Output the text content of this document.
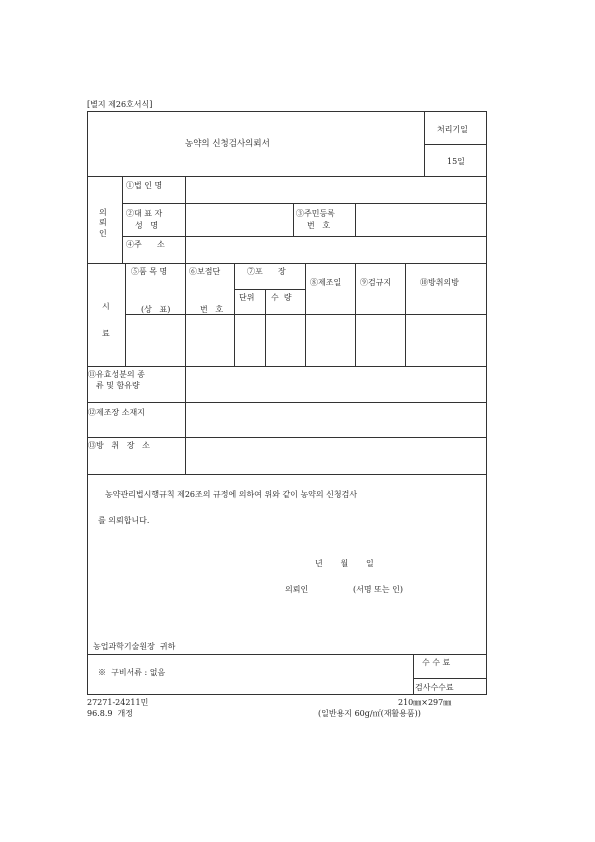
[별지 제26호서식]
농약의 신청검사의뢰서
처리기일
15일
의
뢰
인
①법 인 명
②대 표 자
성   명
③주민등록
번   호
④주      소
시
료
⑤품 목 명
(상   표)
⑥보점단
번   호
⑦포      장
단위 수  량
⑧제조일 ⑨검규지	⑩방취의방
⑪유효성분의 종
류 및 함유량
⑫제조장 소재지
⑬방   취   장   소
농약관리법시행규칙 제26조의 규정에 의하여 위와 같이 농약의 신청검사
를 의뢰합니다.
년       월       일
의뢰인	(서명 또는 인)
농업과학기술원장  귀하
※  구비서류 : 없음
수 수 료
검사수수료
27271-24211민
96.8.9  개정
210㎜×297㎜
(일반용지 60g/㎡(재활용품))
